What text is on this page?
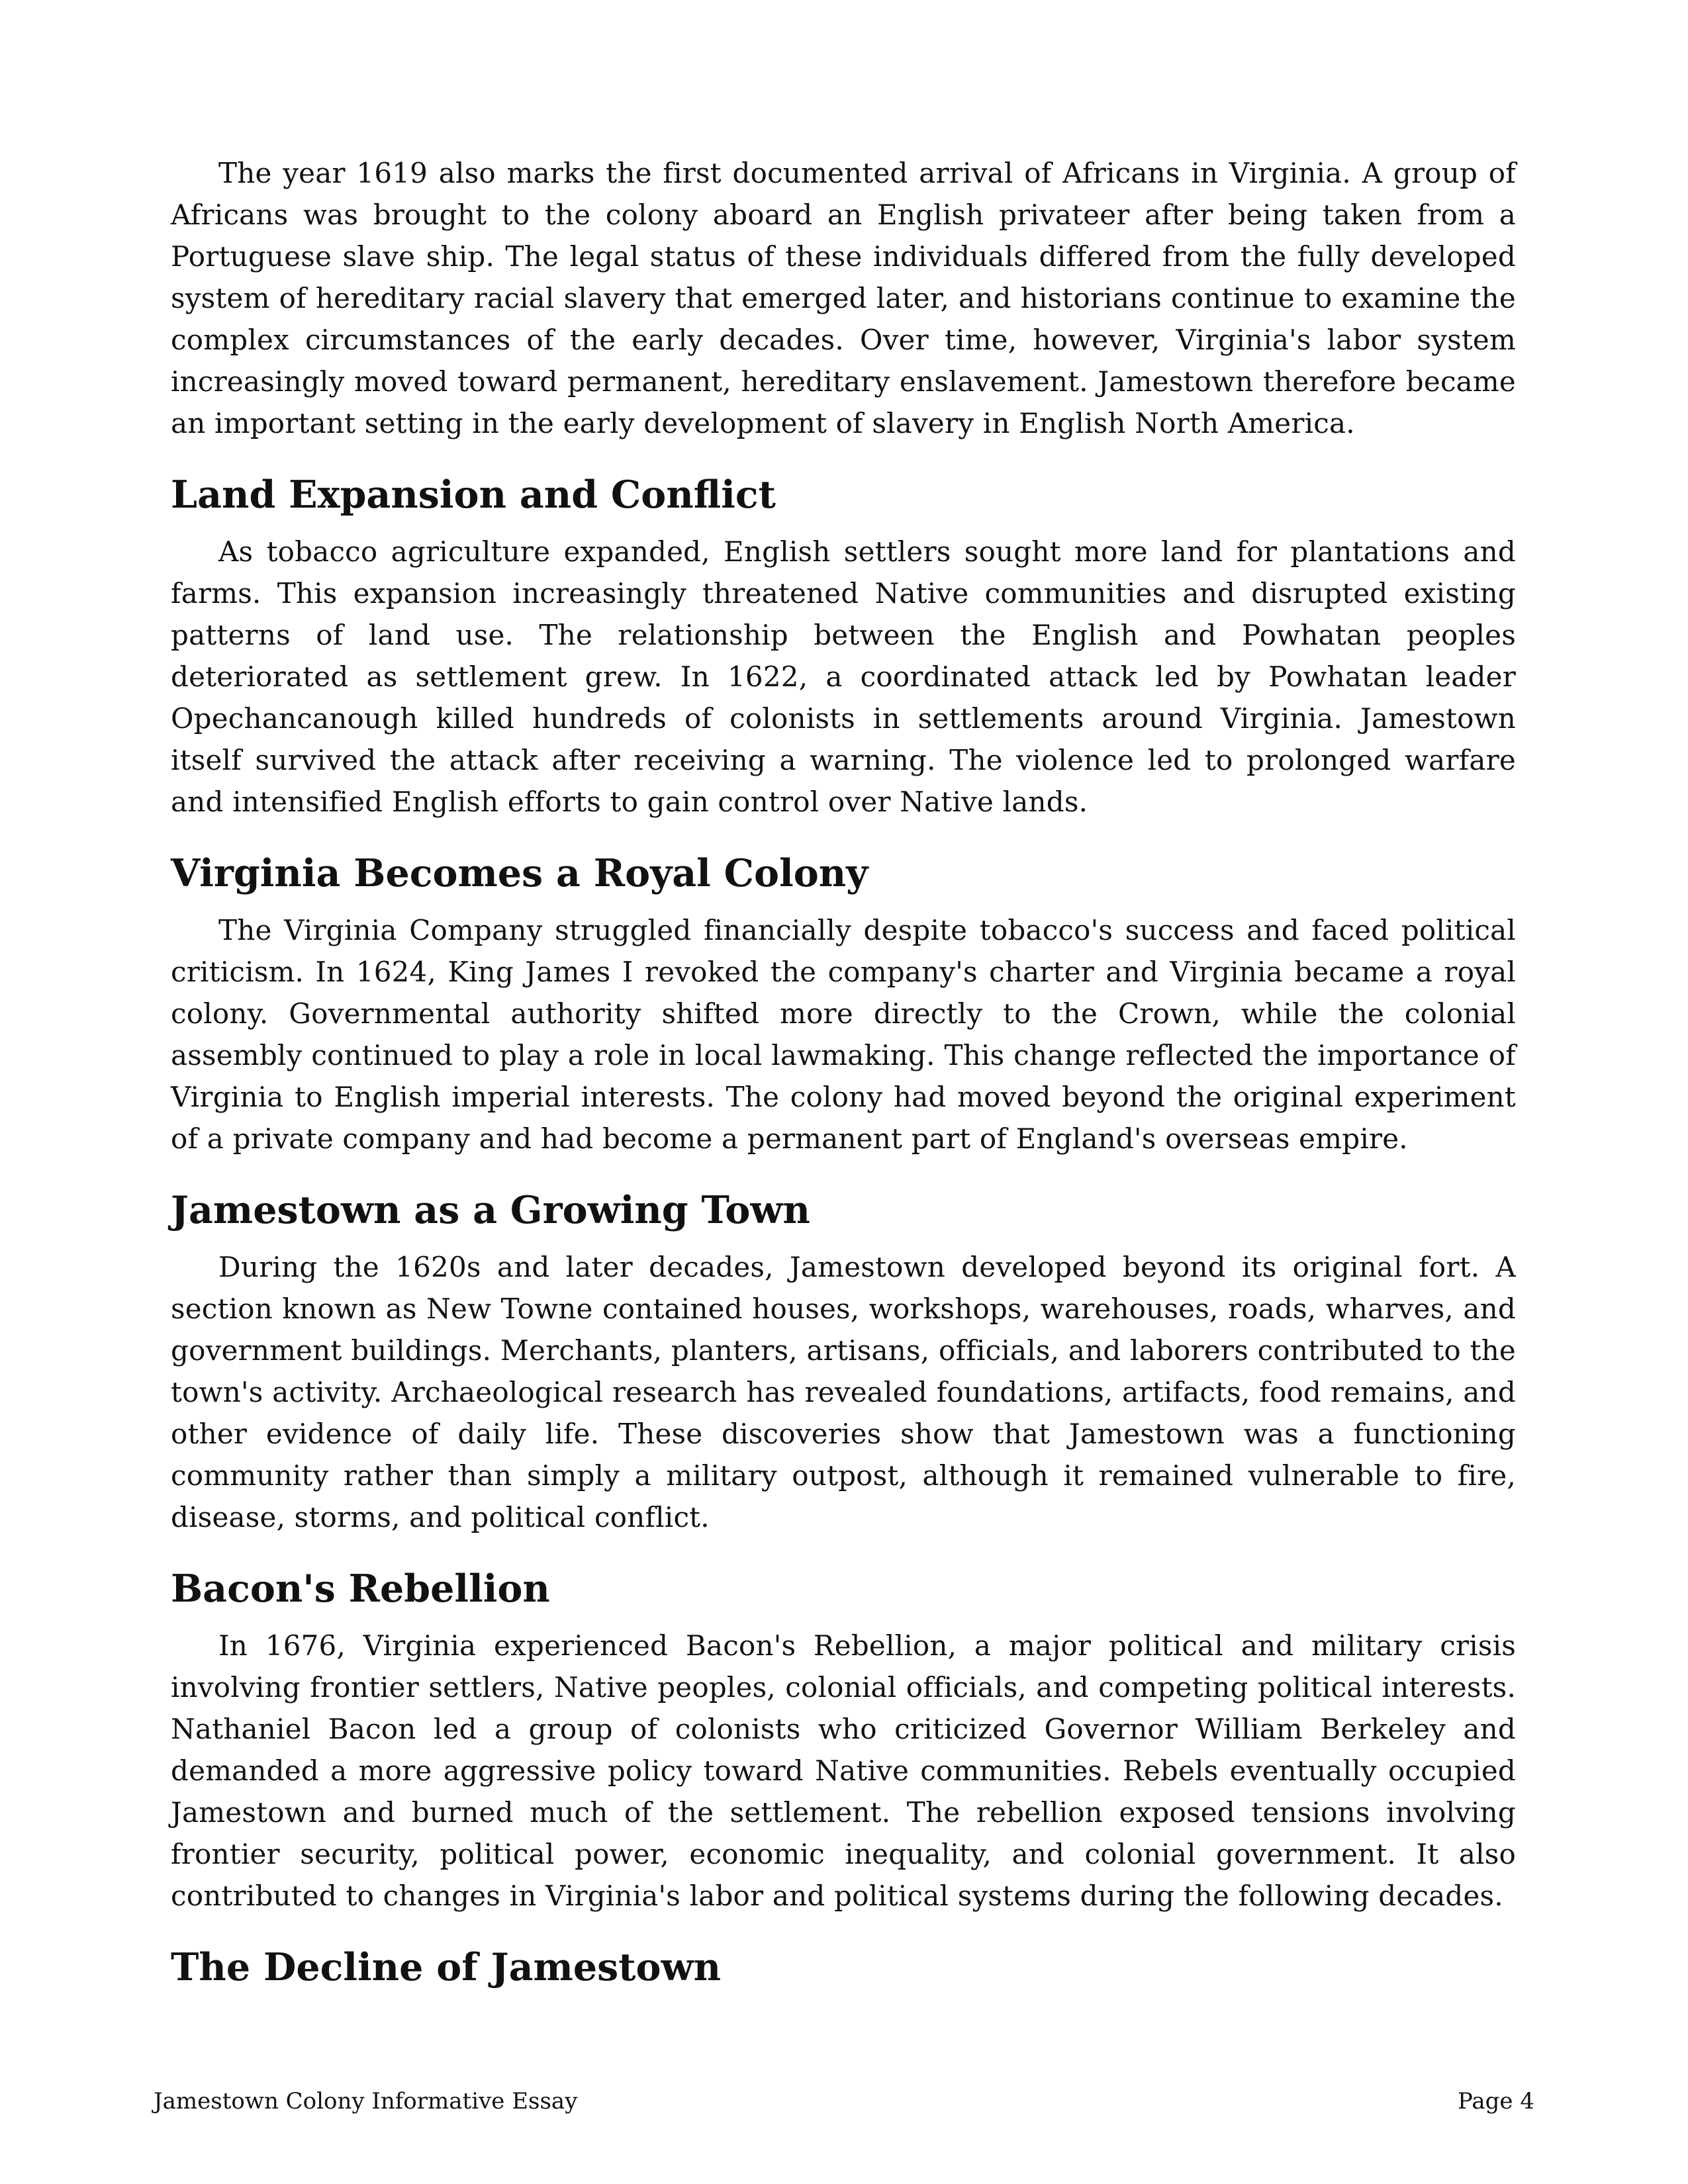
The year 1619 also marks the first documented arrival of Africans in Virginia. A group of Africans was brought to the colony aboard an English privateer after being taken from a Portuguese slave ship. The legal status of these individuals differed from the fully developed system of hereditary racial slavery that emerged later, and historians continue to examine the complex circumstances of the early decades. Over time, however, Virginia's labor system increasingly moved toward permanent, hereditary enslavement. Jamestown therefore became an important setting in the early development of slavery in English North America.

Land Expansion and Conflict

As tobacco agriculture expanded, English settlers sought more land for plantations and farms. This expansion increasingly threatened Native communities and disrupted existing patterns of land use. The relationship between the English and Powhatan peoples deteriorated as settlement grew. In 1622, a coordinated attack led by Powhatan leader Opechancanough killed hundreds of colonists in settlements around Virginia. Jamestown itself survived the attack after receiving a warning. The violence led to prolonged warfare and intensified English efforts to gain control over Native lands.

Virginia Becomes a Royal Colony

The Virginia Company struggled financially despite tobacco's success and faced political criticism. In 1624, King James I revoked the company's charter and Virginia became a royal colony. Governmental authority shifted more directly to the Crown, while the colonial assembly continued to play a role in local lawmaking. This change reflected the importance of Virginia to English imperial interests. The colony had moved beyond the original experiment of a private company and had become a permanent part of England's overseas empire.

Jamestown as a Growing Town

During the 1620s and later decades, Jamestown developed beyond its original fort. A section known as New Towne contained houses, workshops, warehouses, roads, wharves, and government buildings. Merchants, planters, artisans, officials, and laborers contributed to the town's activity. Archaeological research has revealed foundations, artifacts, food remains, and other evidence of daily life. These discoveries show that Jamestown was a functioning community rather than simply a military outpost, although it remained vulnerable to fire, disease, storms, and political conflict.

Bacon's Rebellion

In 1676, Virginia experienced Bacon's Rebellion, a major political and military crisis involving frontier settlers, Native peoples, colonial officials, and competing political interests. Nathaniel Bacon led a group of colonists who criticized Governor William Berkeley and demanded a more aggressive policy toward Native communities. Rebels eventually occupied Jamestown and burned much of the settlement. The rebellion exposed tensions involving frontier security, political power, economic inequality, and colonial government. It also contributed to changes in Virginia's labor and political systems during the following decades.

The Decline of Jamestown
Jamestown Colony Informative Essay	Page 4
